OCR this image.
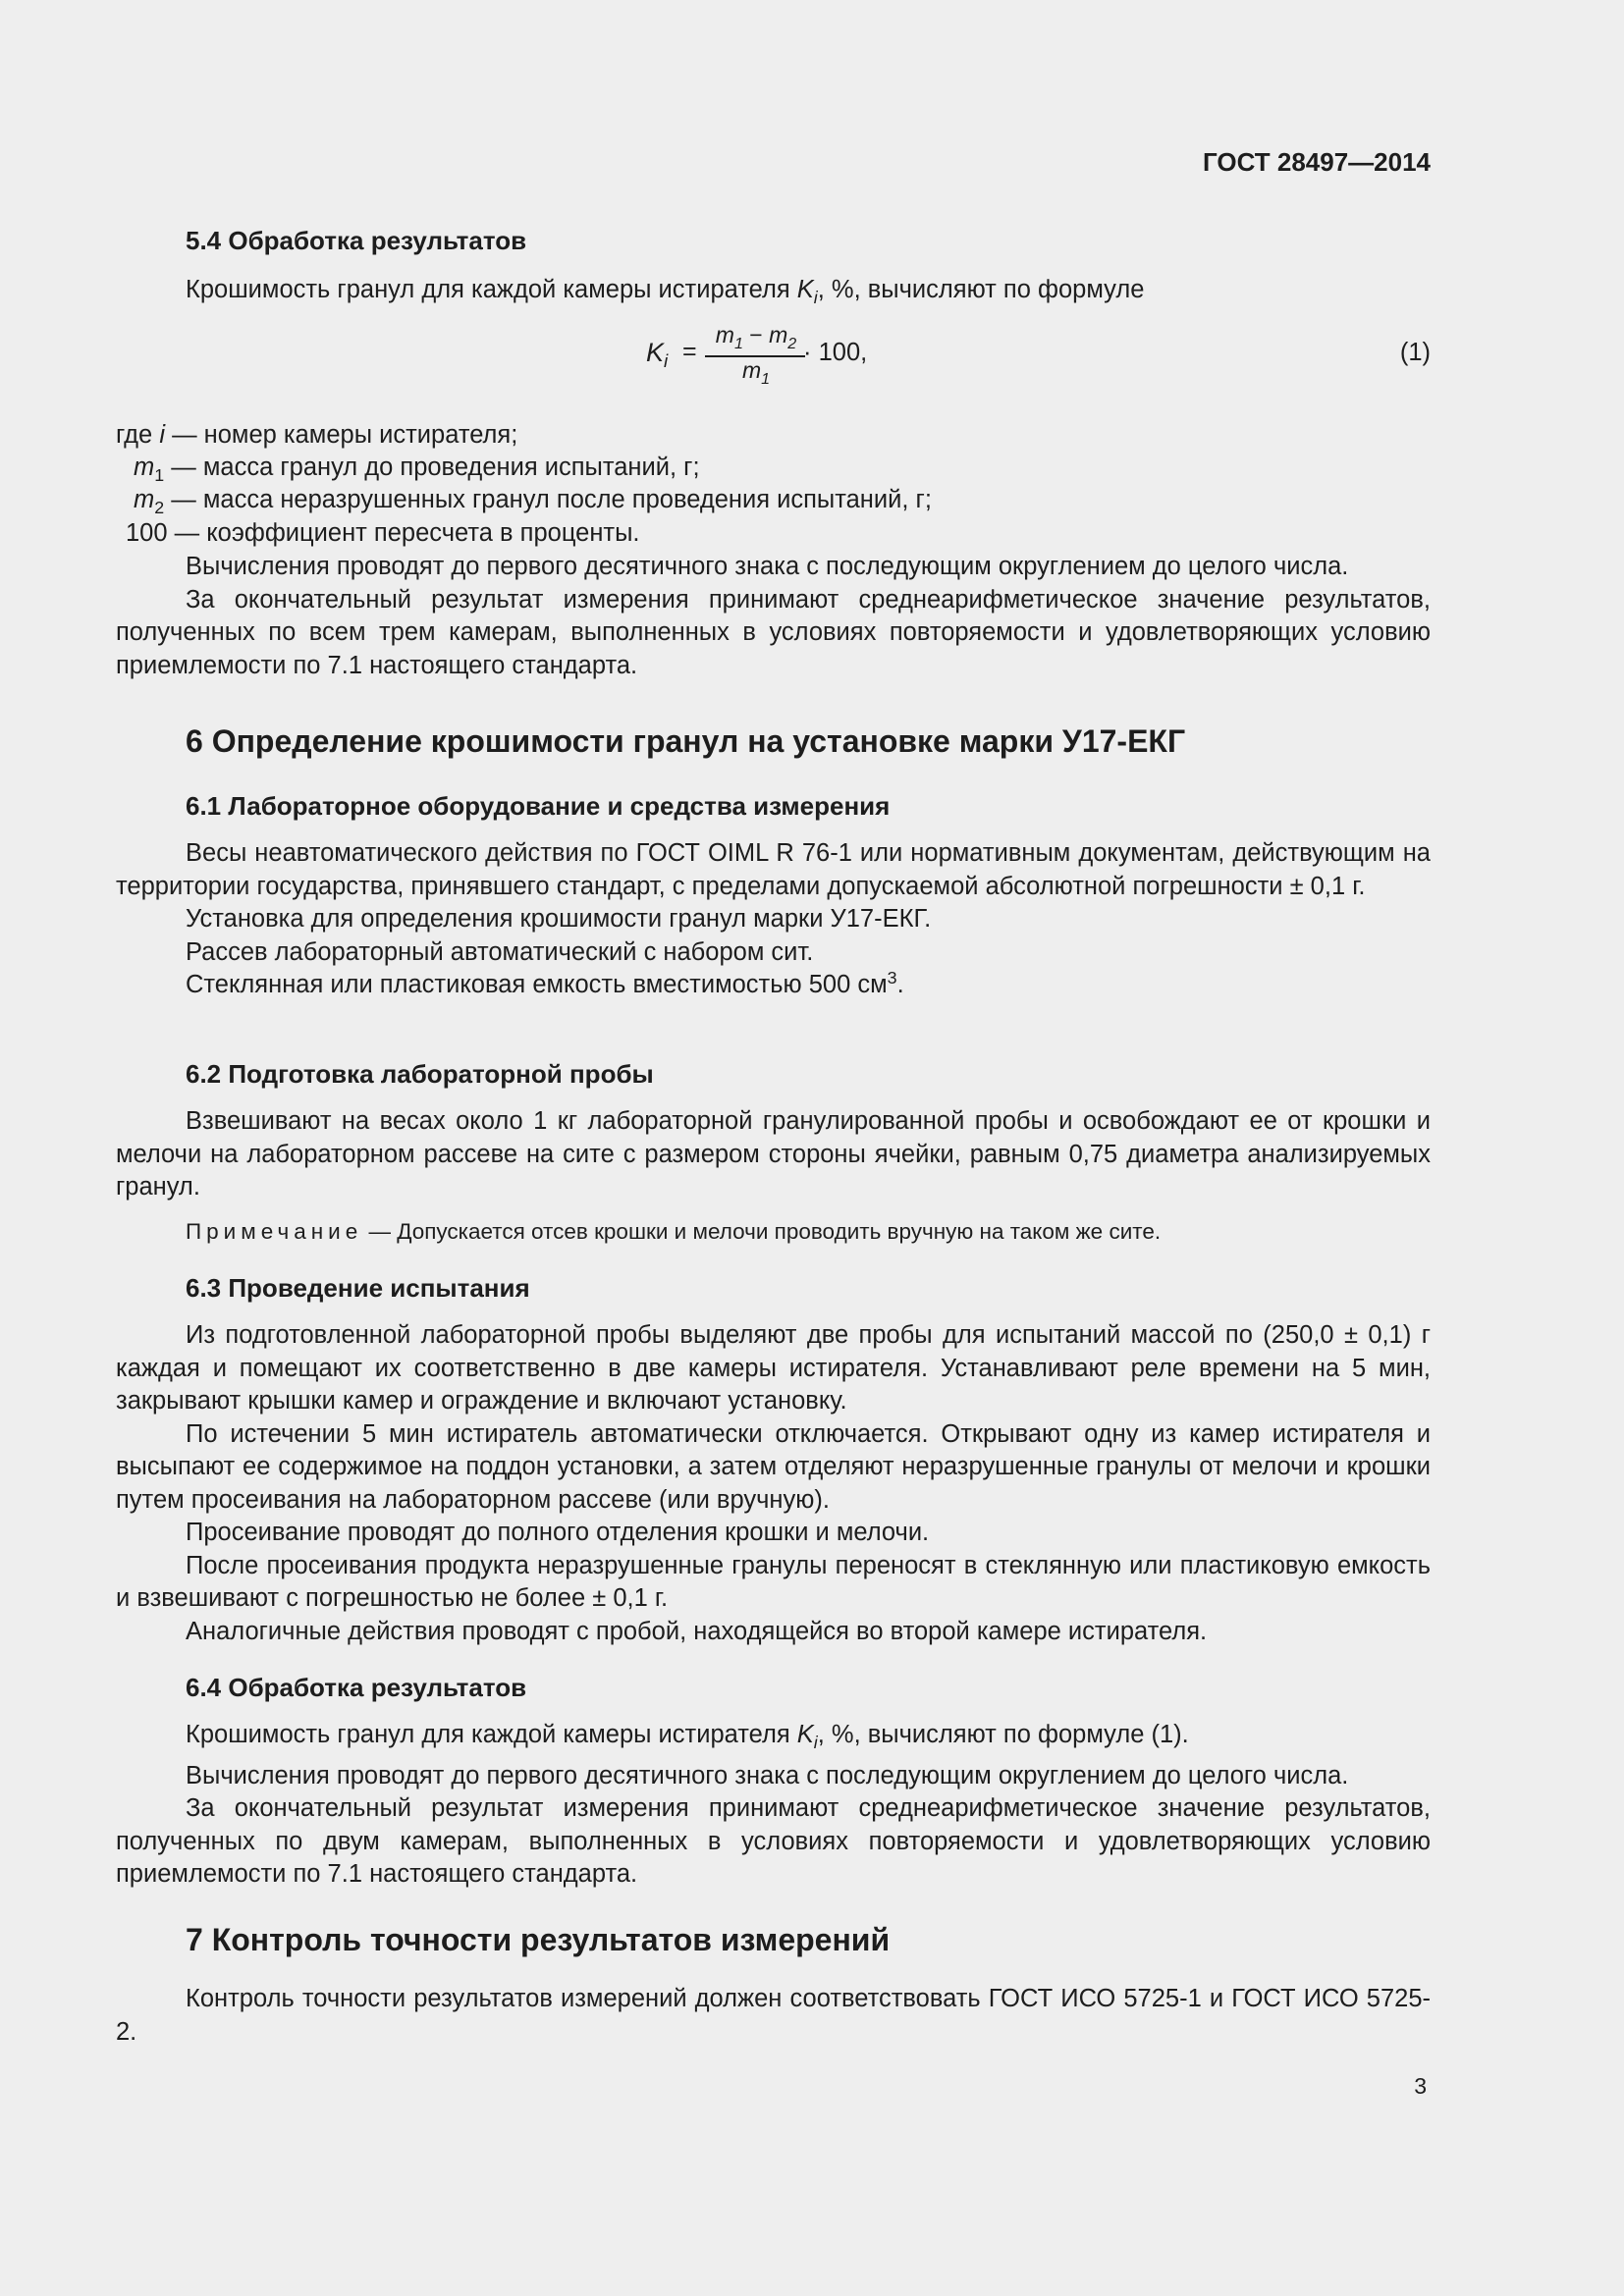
ГОСТ 28497—2014
5.4 Обработка результатов
Крошимость гранул для каждой камеры истирателя $K_i$, %, вычисляют по формуле
$K_i$ =
$m_1 - m_2$
$m_1$
· 100,	(1)
где i — номер камеры истирателя;
$m_1$ — масса гранул до проведения испытаний, г;
$m_2$ — масса неразрушенных гранул после проведения испытаний, г;
100 — коэффициент пересчета в проценты.

Вычисления проводят до первого десятичного знака с последующим округлением до целого числа.

За окончательный результат измерения принимают среднеарифметическое значение результатов, полученных по всем трем камерам, выполненных в условиях повторяемости и удовлетворяющих условию приемлемости по 7.1 настоящего стандарта.

6 Определение крошимости гранул на установке марки У17-ЕКГ
6.1 Лабораторное оборудование и средства измерения

Весы неавтоматического действия по ГОСТ OIML R 76-1 или нормативным документам, действующим на территории государства, принявшего стандарт, с пределами допускаемой абсолютной погрешности ± 0,1 г.

Установка для определения крошимости гранул марки У17-ЕКГ.

Рассев лабораторный автоматический с набором сит.

Стеклянная или пластиковая емкость вместимостью 500 $см^3$.

6.2 Подготовка лабораторной пробы

Взвешивают на весах около 1 кг лабораторной гранулированной пробы и освобождают ее от крошки и мелочи на лабораторном рассеве на сите с размером стороны ячейки, равным 0,75 диаметра анализируемых гранул.

Примечание — Допускается отсев крошки и мелочи проводить вручную на таком же сите.
6.3 Проведение испытания

Из подготовленной лабораторной пробы выделяют две пробы для испытаний массой по (250,0 ± 0,1) г каждая и помещают их соответственно в две камеры истирателя. Устанавливают реле времени на 5 мин, закрывают крышки камер и ограждение и включают установку.

По истечении 5 мин истиратель автоматически отключается. Открывают одну из камер истирателя и высыпают ее содержимое на поддон установки, а затем отделяют неразрушенные гранулы от мелочи и крошки путем просеивания на лабораторном рассеве (или вручную).

Просеивание проводят до полного отделения крошки и мелочи.

После просеивания продукта неразрушенные гранулы переносят в стеклянную или пластиковую емкость и взвешивают с погрешностью не более ± 0,1 г.

Аналогичные действия проводят с пробой, находящейся во второй камере истирателя.

6.4 Обработка результатов

Крошимость гранул для каждой камеры истирателя $K_i$, %, вычисляют по формуле (1).

Вычисления проводят до первого десятичного знака с последующим округлением до целого числа.

За окончательный результат измерения принимают среднеарифметическое значение результатов, полученных по двум камерам, выполненных в условиях повторяемости и удовлетворяющих условию приемлемости по 7.1 настоящего стандарта.

7 Контроль точности результатов измерений

Контроль точности результатов измерений должен соответствовать ГОСТ ИСО 5725-1 и ГОСТ ИСО 5725-2.

3
